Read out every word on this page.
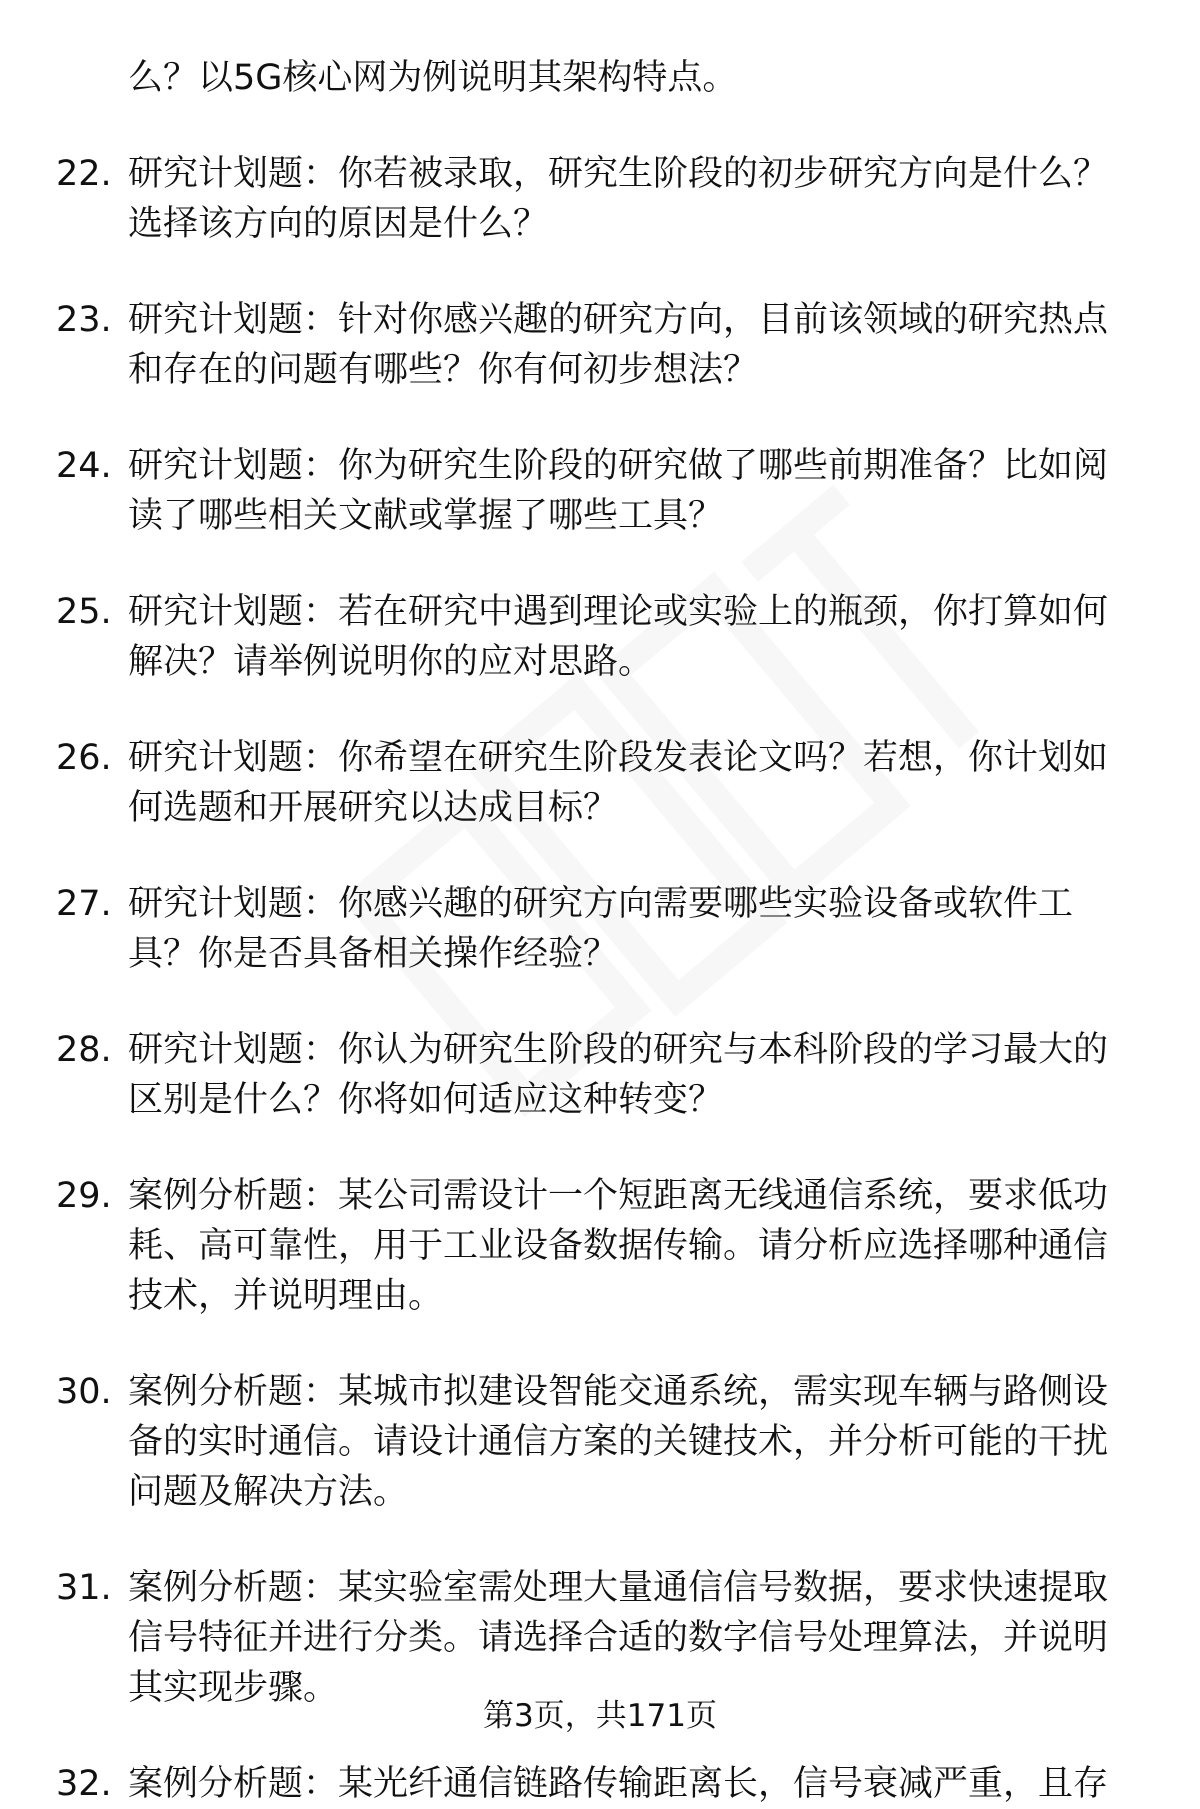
么？以5G核心网为例说明其架构特点。
22. 研究计划题：你若被录取，研究生阶段的初步研究方向是什么？
选择该方向的原因是什么？
23. 研究计划题：针对你感兴趣的研究方向，目前该领域的研究热点
和存在的问题有哪些？你有何初步想法？
24. 研究计划题：你为研究生阶段的研究做了哪些前期准备？比如阅
读了哪些相关文献或掌握了哪些工具？
25. 研究计划题：若在研究中遇到理论或实验上的瓶颈，你打算如何
解决？请举例说明你的应对思路。
26. 研究计划题：你希望在研究生阶段发表论文吗？若想，你计划如
何选题和开展研究以达成目标？
27. 研究计划题：你感兴趣的研究方向需要哪些实验设备或软件工
具？你是否具备相关操作经验？
28. 研究计划题：你认为研究生阶段的研究与本科阶段的学习最大的
区别是什么？你将如何适应这种转变？
29. 案例分析题：某公司需设计一个短距离无线通信系统，要求低功
耗、高可靠性，用于工业设备数据传输。请分析应选择哪种通信
技术，并说明理由。
30. 案例分析题：某城市拟建设智能交通系统，需实现车辆与路侧设
备的实时通信。请设计通信方案的关键技术，并分析可能的干扰
问题及解决方法。
31. 案例分析题：某实验室需处理大量通信信号数据，要求快速提取
信号特征并进行分类。请选择合适的数字信号处理算法，并说明
其实现步骤。
32. 案例分析题：某光纤通信链路传输距离长，信号衰减严重，且存
第3页，共171页
